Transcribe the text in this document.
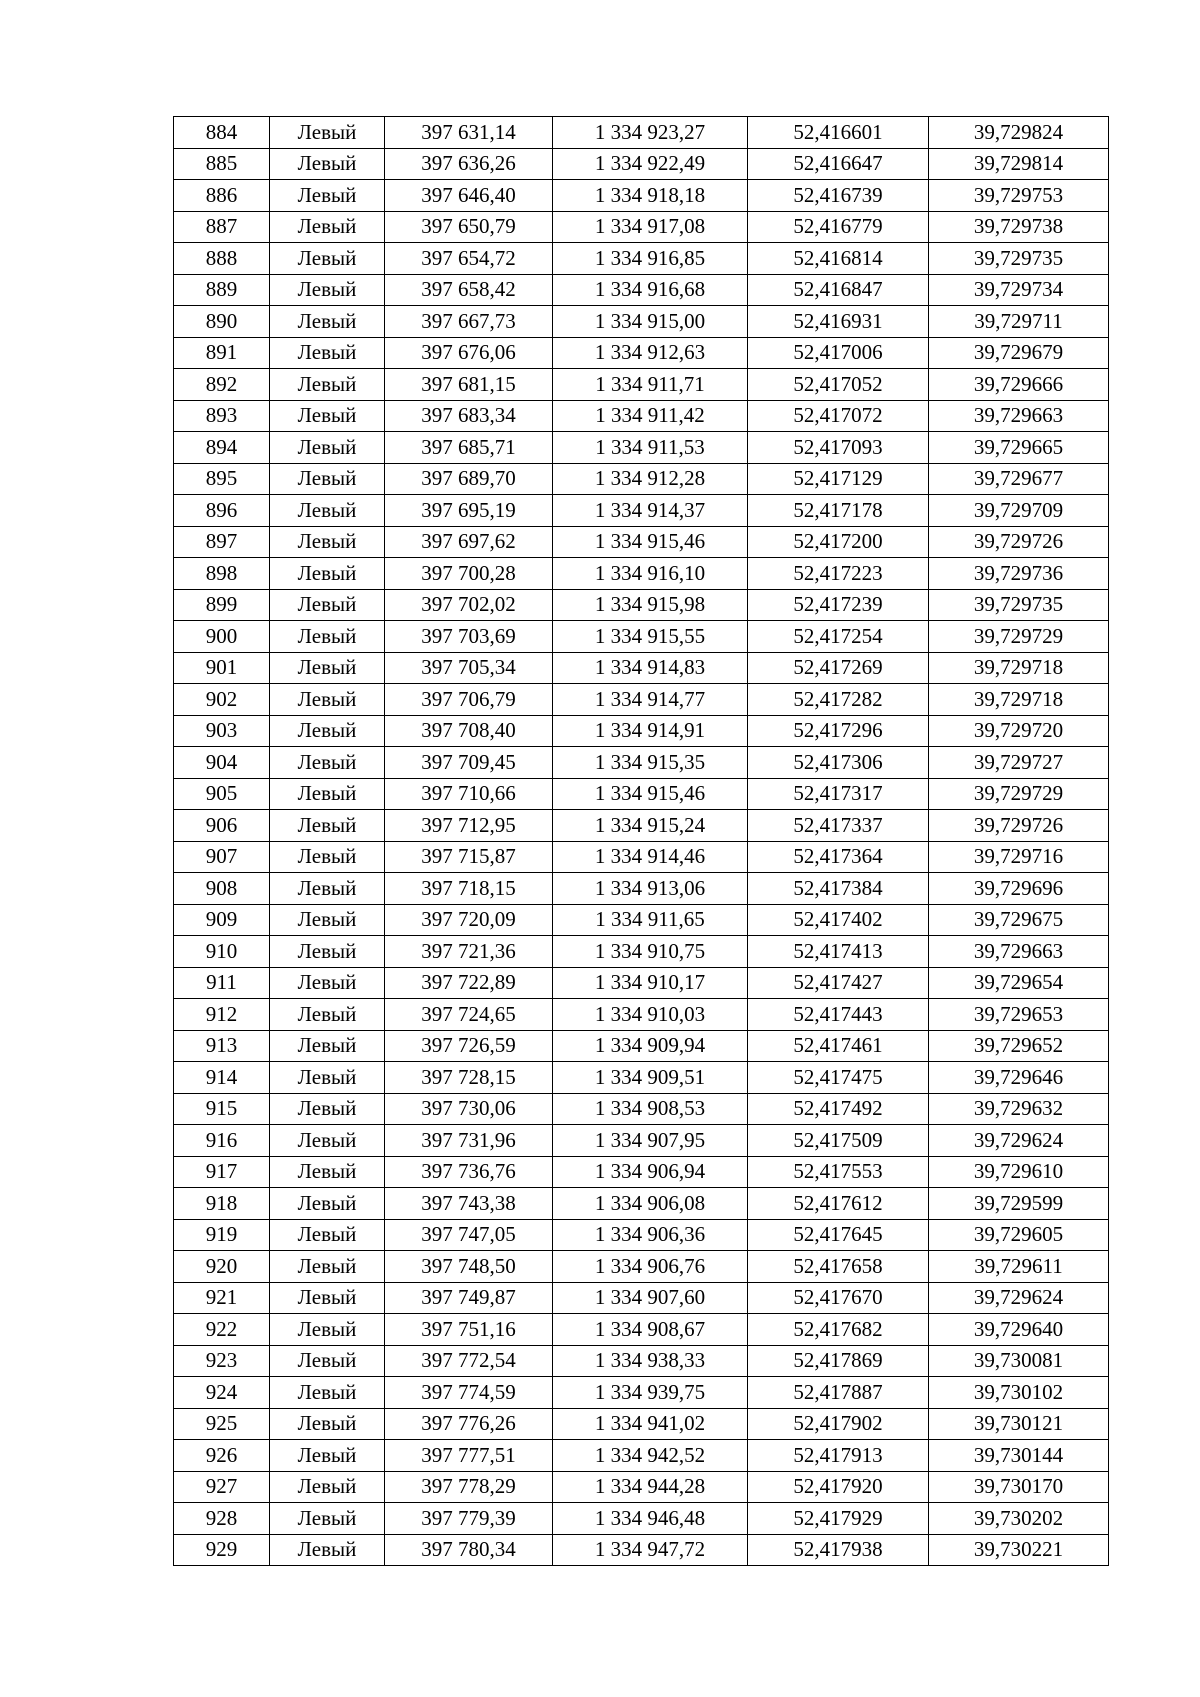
884	Левый	397 631,14	1 334 923,27	52,416601	39,729824
885	Левый	397 636,26	1 334 922,49	52,416647	39,729814
886	Левый	397 646,40	1 334 918,18	52,416739	39,729753
887	Левый	397 650,79	1 334 917,08	52,416779	39,729738
888	Левый	397 654,72	1 334 916,85	52,416814	39,729735
889	Левый	397 658,42	1 334 916,68	52,416847	39,729734
890	Левый	397 667,73	1 334 915,00	52,416931	39,729711
891	Левый	397 676,06	1 334 912,63	52,417006	39,729679
892	Левый	397 681,15	1 334 911,71	52,417052	39,729666
893	Левый	397 683,34	1 334 911,42	52,417072	39,729663
894	Левый	397 685,71	1 334 911,53	52,417093	39,729665
895	Левый	397 689,70	1 334 912,28	52,417129	39,729677
896	Левый	397 695,19	1 334 914,37	52,417178	39,729709
897	Левый	397 697,62	1 334 915,46	52,417200	39,729726
898	Левый	397 700,28	1 334 916,10	52,417223	39,729736
899	Левый	397 702,02	1 334 915,98	52,417239	39,729735
900	Левый	397 703,69	1 334 915,55	52,417254	39,729729
901	Левый	397 705,34	1 334 914,83	52,417269	39,729718
902	Левый	397 706,79	1 334 914,77	52,417282	39,729718
903	Левый	397 708,40	1 334 914,91	52,417296	39,729720
904	Левый	397 709,45	1 334 915,35	52,417306	39,729727
905	Левый	397 710,66	1 334 915,46	52,417317	39,729729
906	Левый	397 712,95	1 334 915,24	52,417337	39,729726
907	Левый	397 715,87	1 334 914,46	52,417364	39,729716
908	Левый	397 718,15	1 334 913,06	52,417384	39,729696
909	Левый	397 720,09	1 334 911,65	52,417402	39,729675
910	Левый	397 721,36	1 334 910,75	52,417413	39,729663
911	Левый	397 722,89	1 334 910,17	52,417427	39,729654
912	Левый	397 724,65	1 334 910,03	52,417443	39,729653
913	Левый	397 726,59	1 334 909,94	52,417461	39,729652
914	Левый	397 728,15	1 334 909,51	52,417475	39,729646
915	Левый	397 730,06	1 334 908,53	52,417492	39,729632
916	Левый	397 731,96	1 334 907,95	52,417509	39,729624
917	Левый	397 736,76	1 334 906,94	52,417553	39,729610
918	Левый	397 743,38	1 334 906,08	52,417612	39,729599
919	Левый	397 747,05	1 334 906,36	52,417645	39,729605
920	Левый	397 748,50	1 334 906,76	52,417658	39,729611
921	Левый	397 749,87	1 334 907,60	52,417670	39,729624
922	Левый	397 751,16	1 334 908,67	52,417682	39,729640
923	Левый	397 772,54	1 334 938,33	52,417869	39,730081
924	Левый	397 774,59	1 334 939,75	52,417887	39,730102
925	Левый	397 776,26	1 334 941,02	52,417902	39,730121
926	Левый	397 777,51	1 334 942,52	52,417913	39,730144
927	Левый	397 778,29	1 334 944,28	52,417920	39,730170
928	Левый	397 779,39	1 334 946,48	52,417929	39,730202
929	Левый	397 780,34	1 334 947,72	52,417938	39,730221
